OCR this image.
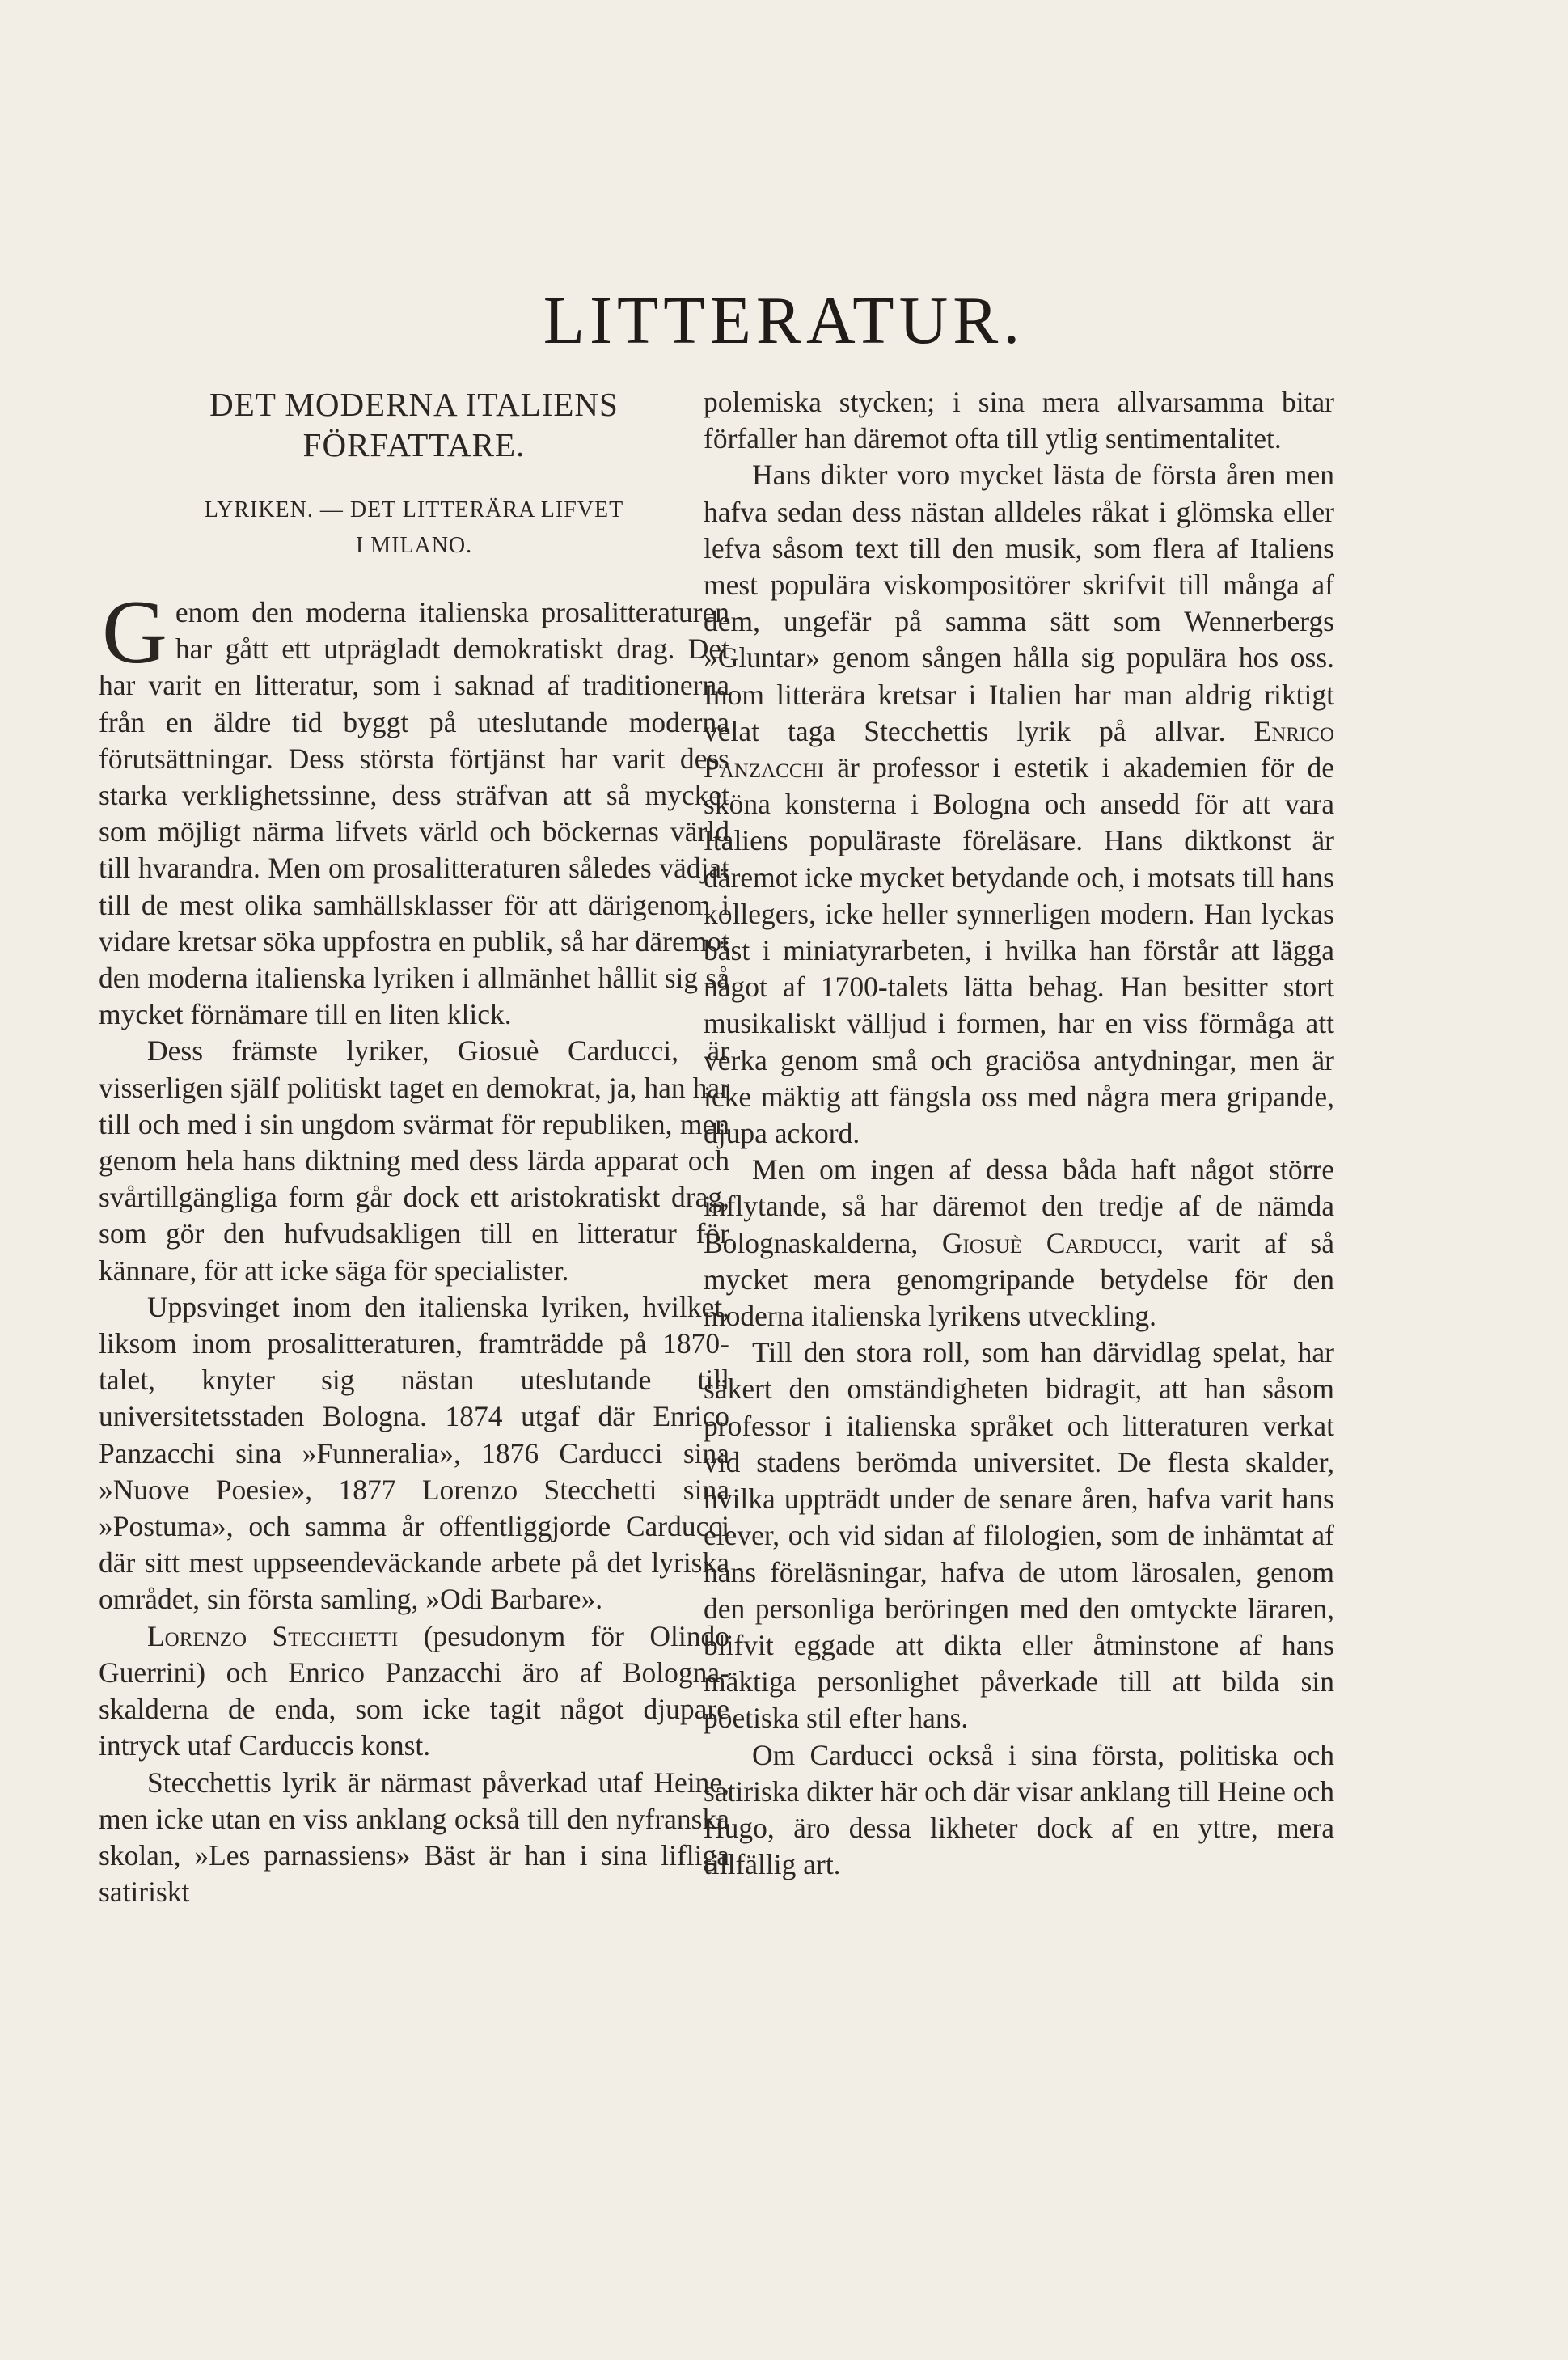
LITTERATUR.
DET MODERNA ITALIENS FÖRFATTARE.
LYRIKEN. — DET LITTERÄRA LIFVET
I MILANO.

Genom den moderna italienska prosalitteraturen har gått ett utprägladt demokratiskt drag. Det har varit en litteratur, som i saknad af traditionerna från en äldre tid byggt på uteslutande moderna förutsättningar. Dess största förtjänst har varit dess starka verklighetssinne, dess sträfvan att så mycket som möjligt närma lifvets värld och böckernas värld till hvarandra. Men om prosalitteraturen således vädjat till de mest olika samhällsklasser för att därigenom i vidare kretsar söka uppfostra en publik, så har däremot den moderna italienska lyriken i allmänhet hållit sig så mycket förnämare till en liten klick.

Dess främste lyriker, Giosuè Carducci, är visserligen själf politiskt taget en demokrat, ja, han har till och med i sin ungdom svärmat för republiken, men genom hela hans diktning med dess lärda apparat och svårtillgängliga form går dock ett aristokratiskt drag, som gör den hufvudsakligen till en litteratur för kännare, för att icke säga för specialister.

Uppsvinget inom den italienska lyriken, hvilket, liksom inom prosalitteraturen, framträdde på 1870-talet, knyter sig nästan uteslutande till universitetsstaden Bologna. 1874 utgaf där Enrico Panzacchi sina »Funneralia», 1876 Carducci sina »Nuove Poesie», 1877 Lorenzo Stecchetti sina »Postuma», och samma år offentliggjorde Carducci där sitt mest uppseendeväckande arbete på det lyriska området, sin första samling, »Odi Barbare».

Lorenzo Stecchetti (pesudonym för Olindo Guerrini) och Enrico Panzacchi äro af Bologna-skalderna de enda, som icke tagit något djupare intryck utaf Carduccis konst.

Stecchettis lyrik är närmast påverkad utaf Heine, men icke utan en viss anklang också till den nyfranska skolan, »Les parnassiens» Bäst är han i sina lifliga satiriskt

polemiska stycken; i sina mera allvarsamma bitar förfaller han däremot ofta till ytlig sentimentalitet.

Hans dikter voro mycket lästa de första åren men hafva sedan dess nästan alldeles råkat i glömska eller lefva såsom text till den musik, som flera af Italiens mest populära viskompositörer skrifvit till många af dem, ungefär på samma sätt som Wennerbergs »Gluntar» genom sången hålla sig populära hos oss. Inom litterära kretsar i Italien har man aldrig riktigt velat taga Stecchettis lyrik på allvar. Enrico Panzacchi är professor i estetik i akademien för de sköna konsterna i Bologna och ansedd för att vara Italiens populäraste föreläsare. Hans diktkonst är däremot icke mycket betydande och, i motsats till hans kollegers, icke heller synnerligen modern. Han lyckas bäst i miniatyrarbeten, i hvilka han förstår att lägga något af 1700-talets lätta behag. Han besitter stort musikaliskt välljud i formen, har en viss förmåga att verka genom små och graciösa antydningar, men är icke mäktig att fängsla oss med några mera gripande, djupa ackord.

Men om ingen af dessa båda haft något större inflytande, så har däremot den tredje af de nämda Bolognaskalderna, Giosuè Carducci, varit af så mycket mera genomgripande betydelse för den moderna italienska lyrikens utveckling.

Till den stora roll, som han därvidlag spelat, har säkert den omständigheten bidragit, att han såsom professor i italienska språket och litteraturen verkat vid stadens berömda universitet. De flesta skalder, hvilka uppträdt under de senare åren, hafva varit hans elever, och vid sidan af filologien, som de inhämtat af hans föreläsningar, hafva de utom lärosalen, genom den personliga beröringen med den omtyckte läraren, blifvit eggade att dikta eller åtminstone af hans mäktiga personlighet påverkade till att bilda sin poetiska stil efter hans.

Om Carducci också i sina första, politiska och satiriska dikter här och där visar anklang till Heine och Hugo, äro dessa likheter dock af en yttre, mera tillfällig art.
